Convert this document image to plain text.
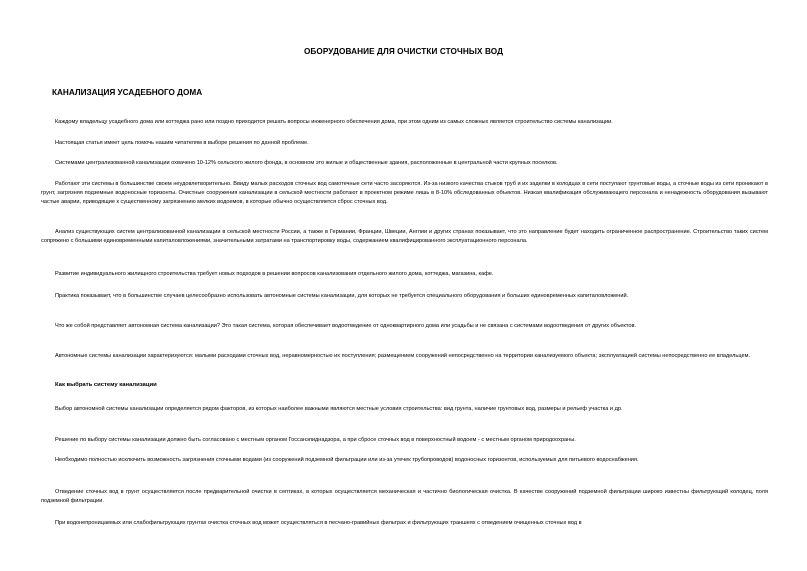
ОБОРУДОВАНИЕ ДЛЯ ОЧИСТКИ СТОЧНЫХ ВОД
КАНАЛИЗАЦИЯ УСАДЕБНОГО ДОМА

Каждому владельцу усадебного дома или коттеджа рано или поздно приходится решать вопросы инженерного обеспечения дома, при этом одним из самых сложных является строительство системы канализации.

Настоящая статья имеет цель помочь нашим читателям в выборе решения по данной проблеме.

Системами централизованной канализации охвачено 10-12% сельского жилого фонда, в основном это жилые и общественные здания, расположенные в центральной части крупных поселков.

Работают эти системы в большинстве своем неудовлетворительно. Ввиду малых расходов сточных вод самотечные сети часто засоряются. Из-за низкого качества стыков труб и их заделки в колодцах в сети поступают грунтовые воды, а сточные воды из сети проникают в грунт, загрязняя подземные водоносные горизонты. Очистные сооружения канализации в сельской местности работают в проектном режиме лишь в 8-10% обследованных объектов. Низкая квалификация обслуживающего персонала и ненадежность оборудования вызывают частые аварии, приводящие к существенному загрязнению мелких водоемов, в которые обычно осуществляется сброс сточных вод.

Анализ существующих систем централизованной канализации в сельской местности России, а также в Германии, Франции, Швеции, Англии и других странах показывает, что это направление будет находить ограниченное распространение. Строительство таких систем сопряжено с большими единовременными капиталовложениями, значительными затратами на транспортировку воды, содержанием квалифицированного эксплуатационного персонала.

Развитие индивидуального жилищного строительства требует новых подходов в решении вопросов канализования отдельного жилого дома, коттеджа, магазина, кафе.

Практика показывает, что в большинстве случаев целесообразно использовать автономные системы канализации, для которых не требуется специального оборудования и больших единовременных капиталовложений.

Что же собой представляет автономная система канализации? Это такая система, которая обеспечивает водоотведение от одноквартирного дома или усадьбы и не связана с системами водоотведения от других объектов.

Автономные системы канализации характеризуются: малыми расходами сточных вод, неравномерностью их поступления; размещением сооружений непосредственно на территории канализуемого объекта; эксплуатацией системы непосредственно ее владельцем.

Как выбрать систему канализации

Выбор автономной системы канализации определяется рядом факторов, из которых наиболее важными являются местные условия строительства: вид грунта, наличие грунтовых вод, размеры и рельеф участка и др.

Решение по выбору системы канализации должно быть согласовано с местным органом Госсанэпиднадзора, а при сбросе сточных вод в поверхностный водоем - с местным органом природоохраны.

Необходимо полностью исключить возможность загрязнения сточными водами (из сооружений подземной фильтрации или из-за утечек трубопроводов) водоносных горизонтов, используемых для питьевого водоснабжения.

Отведение сточных вод в грунт осуществляется после предварительной очистки в септиках, в которых осуществляется механическая и частично биологическая очистка. В качестве сооружений подземной фильтрации широко известны фильтрующий колодец, поля подземной фильтрации.

При водонепроницаемых или слабофильтрующих грунтах очистка сточных вод может осуществляться в песчано-гравийных фильтрах и фильтрующих траншеях с отведением очищенных сточных вод в
